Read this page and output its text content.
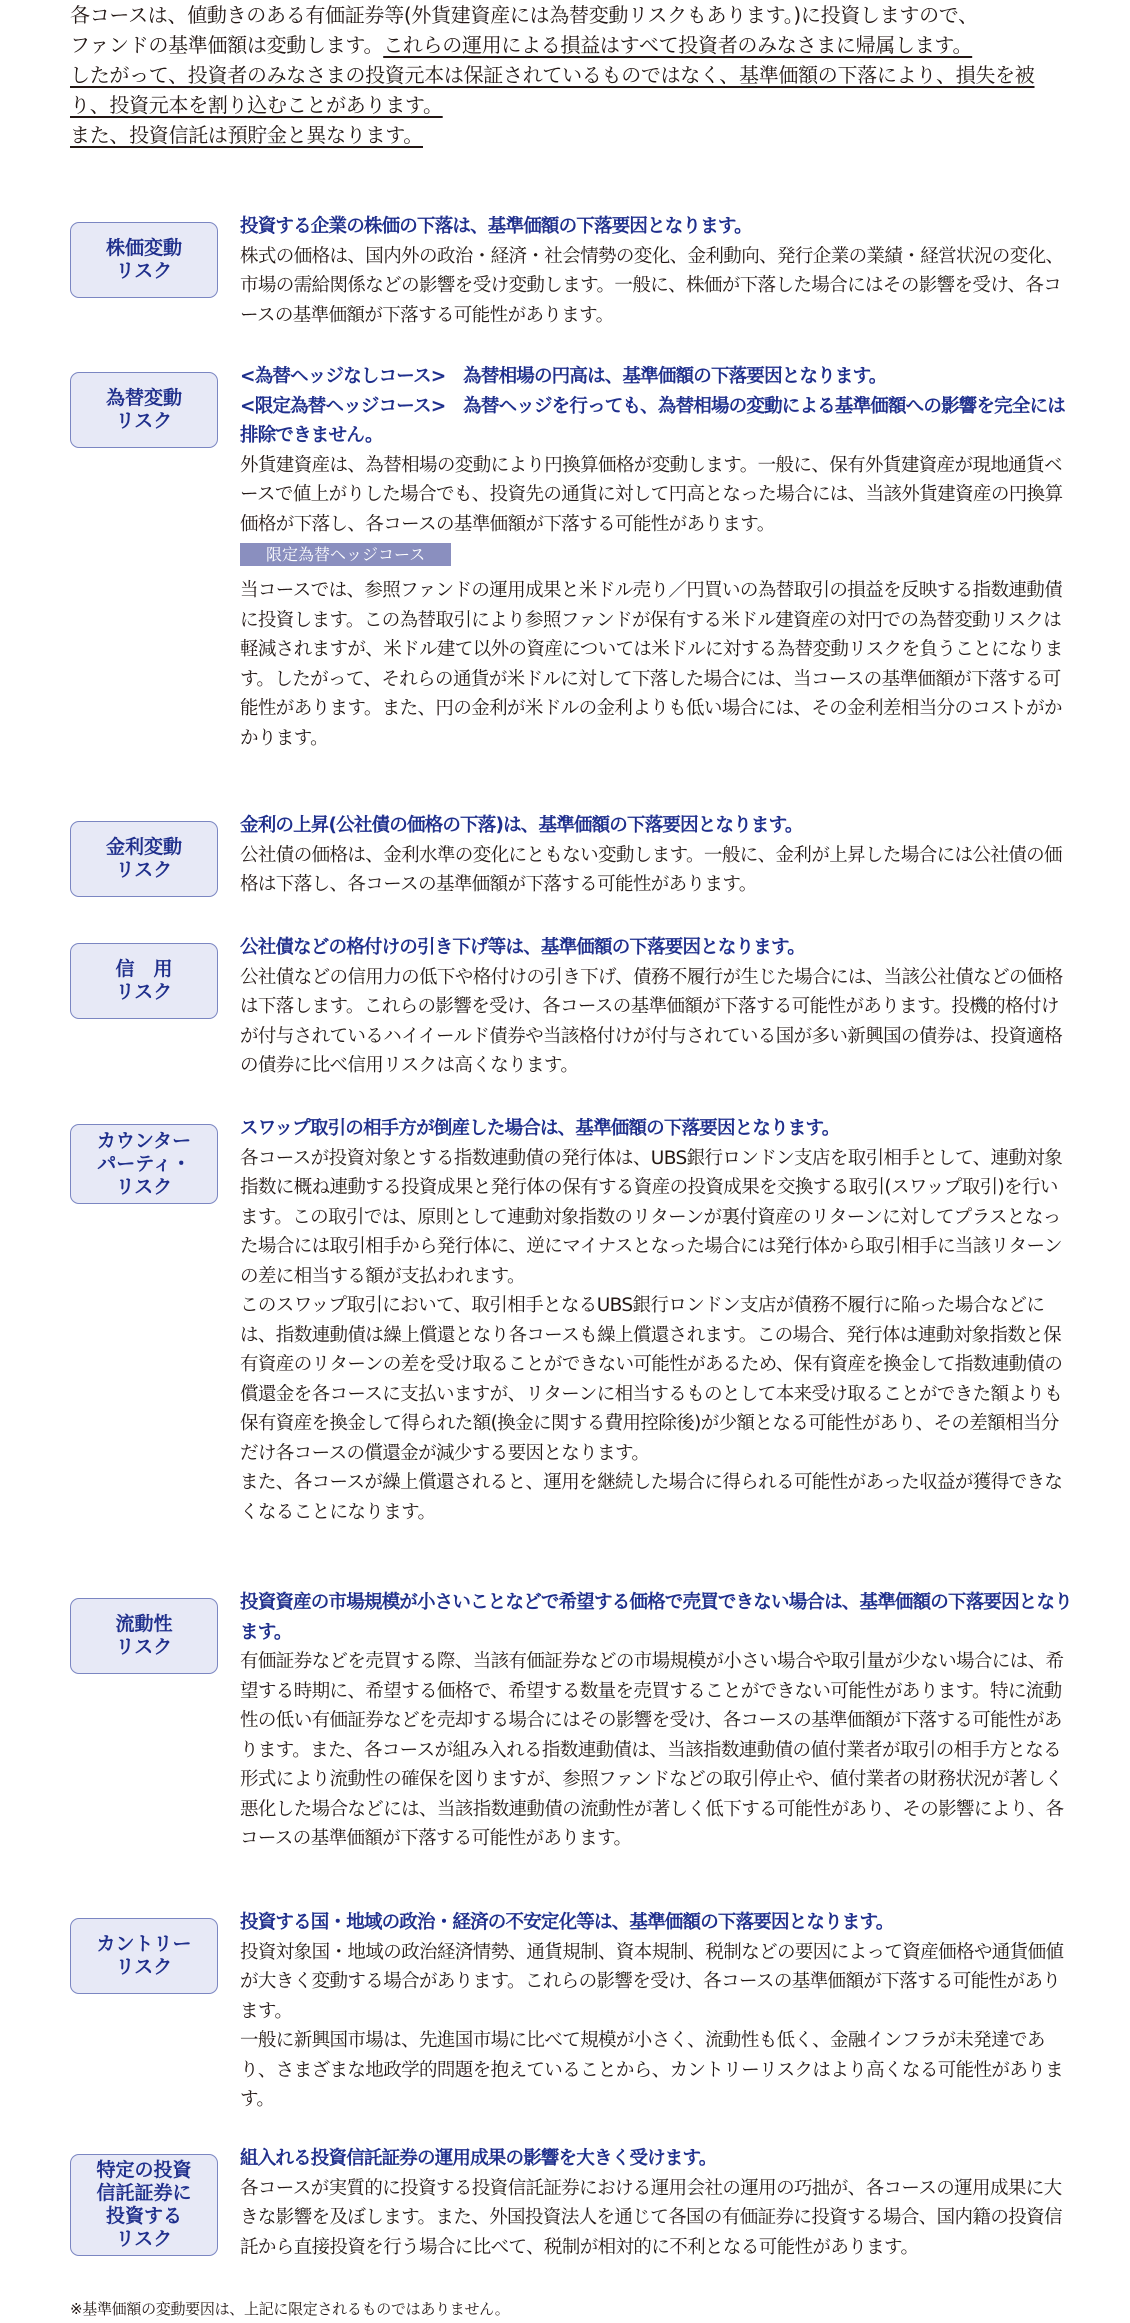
各コースは、値動きのある有価証券等(外貨建資産には為替変動リスクもあります。)に投資しますので、

ファンドの基準価額は変動します。これらの運用による損益はすべて投資者のみなさまに帰属します。

したがって、投資者のみなさまの投資元本は保証されているものではなく、基準価額の下落により、損失を被り、投資元本を割り込むことがあります。

また、投資信託は預貯金と異なります。

株価変動
リスク

投資する企業の株価の下落は、基準価額の下落要因となります。

株式の価格は、国内外の政治・経済・社会情勢の変化、金利動向、発行企業の業績・経営状況の変化、市場の需給関係などの影響を受け変動します。一般に、株価が下落した場合にはその影響を受け、各コースの基準価額が下落する可能性があります。

為替変動
リスク

<為替ヘッジなしコース>　為替相場の円高は、基準価額の下落要因となります。

<限定為替ヘッジコース>　為替ヘッジを行っても、為替相場の変動による基準価額への影響を完全には排除できません。

外貨建資産は、為替相場の変動により円換算価格が変動します。一般に、保有外貨建資産が現地通貨ベースで値上がりした場合でも、投資先の通貨に対して円高となった場合には、当該外貨建資産の円換算価格が下落し、各コースの基準価額が下落する可能性があります。

限定為替ヘッジコース

当コースでは、参照ファンドの運用成果と米ドル売り／円買いの為替取引の損益を反映する指数連動債に投資します。この為替取引により参照ファンドが保有する米ドル建資産の対円での為替変動リスクは軽減されますが、米ドル建て以外の資産については米ドルに対する為替変動リスクを負うことになります。したがって、それらの通貨が米ドルに対して下落した場合には、当コースの基準価額が下落する可能性があります。また、円の金利が米ドルの金利よりも低い場合には、その金利差相当分のコストがかかります。

金利変動
リスク

金利の上昇(公社債の価格の下落)は、基準価額の下落要因となります。

公社債の価格は、金利水準の変化にともない変動します。一般に、金利が上昇した場合には公社債の価格は下落し、各コースの基準価額が下落する可能性があります。

信　用
リスク

公社債などの格付けの引き下げ等は、基準価額の下落要因となります。

公社債などの信用力の低下や格付けの引き下げ、債務不履行が生じた場合には、当該公社債などの価格は下落します。これらの影響を受け、各コースの基準価額が下落する可能性があります。投機的格付けが付与されているハイイールド債券や当該格付けが付与されている国が多い新興国の債券は、投資適格の債券に比べ信用リスクは高くなります。

カウンター
パーティ・
リスク

スワップ取引の相手方が倒産した場合は、基準価額の下落要因となります。

各コースが投資対象とする指数連動債の発行体は、UBS銀行ロンドン支店を取引相手として、連動対象指数に概ね連動する投資成果と発行体の保有する資産の投資成果を交換する取引(スワップ取引)を行います。この取引では、原則として連動対象指数のリターンが裏付資産のリターンに対してプラスとなった場合には取引相手から発行体に、逆にマイナスとなった場合には発行体から取引相手に当該リターンの差に相当する額が支払われます。

このスワップ取引において、取引相手となるUBS銀行ロンドン支店が債務不履行に陥った場合などには、指数連動債は繰上償還となり各コースも繰上償還されます。この場合、発行体は連動対象指数と保有資産のリターンの差を受け取ることができない可能性があるため、保有資産を換金して指数連動債の償還金を各コースに支払いますが、リターンに相当するものとして本来受け取ることができた額よりも保有資産を換金して得られた額(換金に関する費用控除後)が少額となる可能性があり、その差額相当分だけ各コースの償還金が減少する要因となります。

また、各コースが繰上償還されると、運用を継続した場合に得られる可能性があった収益が獲得できなくなることになります。

流動性
リスク

投資資産の市場規模が小さいことなどで希望する価格で売買できない場合は、基準価額の下落要因となります。

有価証券などを売買する際、当該有価証券などの市場規模が小さい場合や取引量が少ない場合には、希望する時期に、希望する価格で、希望する数量を売買することができない可能性があります。特に流動性の低い有価証券などを売却する場合にはその影響を受け、各コースの基準価額が下落する可能性があります。また、各コースが組み入れる指数連動債は、当該指数連動債の値付業者が取引の相手方となる形式により流動性の確保を図りますが、参照ファンドなどの取引停止や、値付業者の財務状況が著しく悪化した場合などには、当該指数連動債の流動性が著しく低下する可能性があり、その影響により、各コースの基準価額が下落する可能性があります。

カントリー
リスク

投資する国・地域の政治・経済の不安定化等は、基準価額の下落要因となります。

投資対象国・地域の政治経済情勢、通貨規制、資本規制、税制などの要因によって資産価格や通貨価値が大きく変動する場合があります。これらの影響を受け、各コースの基準価額が下落する可能性があります。

一般に新興国市場は、先進国市場に比べて規模が小さく、流動性も低く、金融インフラが未発達であり、さまざまな地政学的問題を抱えていることから、カントリーリスクはより高くなる可能性があります。

特定の投資
信託証券に
投資する
リスク

組入れる投資信託証券の運用成果の影響を大きく受けます。

各コースが実質的に投資する投資信託証券における運用会社の運用の巧拙が、各コースの運用成果に大きな影響を及ぼします。また、外国投資法人を通じて各国の有価証券に投資する場合、国内籍の投資信託から直接投資を行う場合に比べて、税制が相対的に不利となる可能性があります。

※基準価額の変動要因は、上記に限定されるものではありません。
